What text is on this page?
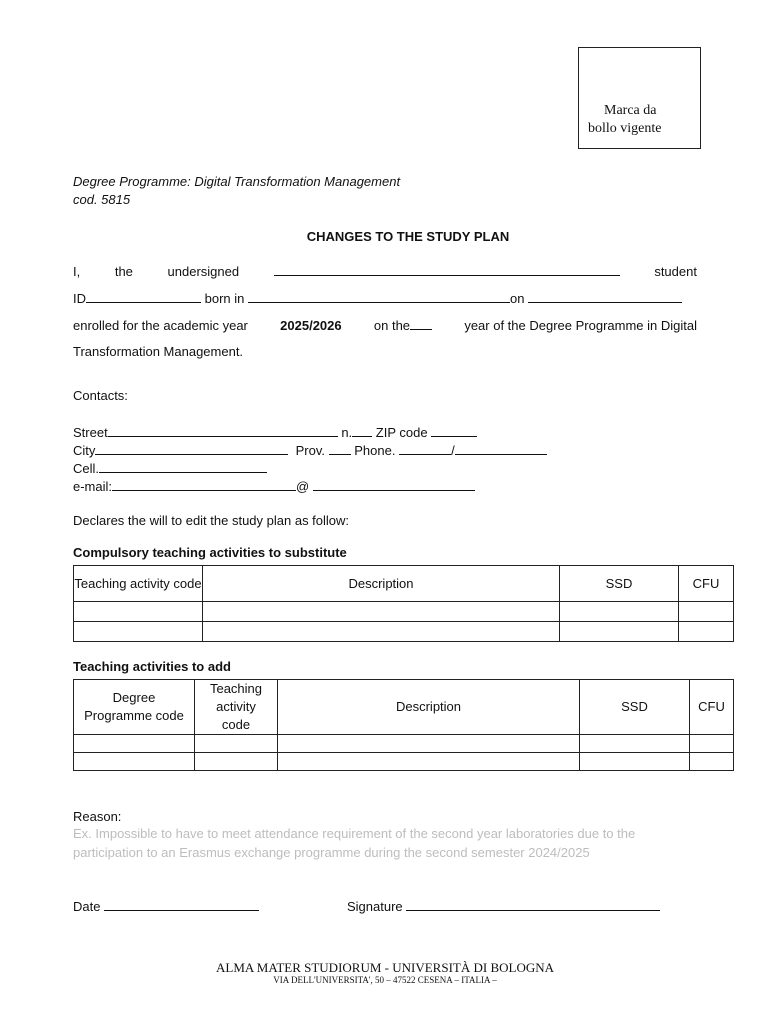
Marca da
bollo vigente
Degree Programme: Digital Transformation Management
cod. 5815
CHANGES TO THE STUDY PLAN
I,	the	undersigned	student
ID
	born in
	on

enrolled for the academic year 2025/2026 on the	year of the Degree Programme in Digital
Transformation Management.
Contacts:
Street
	n.
ZIP code

City
	Prov.

Phone.
	/
Cell.
e-mail:	@

Declares the will to edit the study plan as follow:
Compulsory teaching activities to substitute
Teaching activity code	Description	SSD	CFU

Teaching activities to add
Degree Programme code	Teaching activity code	Description	SSD	CFU

Reason:
Ex. Impossible to have to meet attendance requirement of the second year laboratories due to the
participation to an Erasmus exchange programme during the second semester 2024/2025
Date
	Signature

ALMA MATER STUDIORUM - UNIVERSITÀ DI BOLOGNA
VIA DELL'UNIVERSITA', 50 – 47522 CESENA – ITALIA –
